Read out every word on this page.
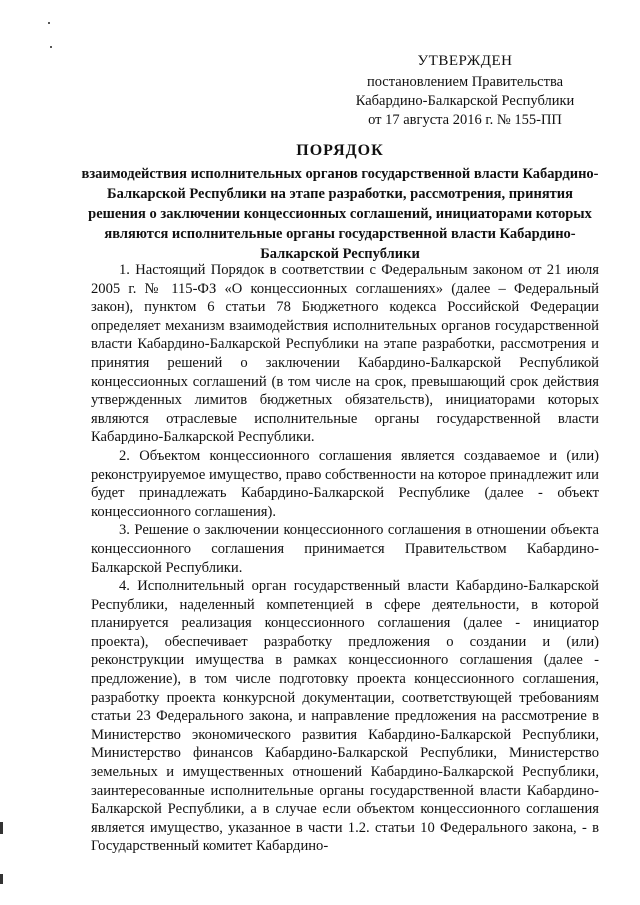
УТВЕРЖДЕН
постановлением Правительства
Кабардино-Балкарской Республики
от 17 августа 2016 г. № 155-ПП
ПОРЯДОК
взаимодействия исполнительных органов государственной власти Кабардино-Балкарской Республики на этапе разработки, рассмотрения, принятия решения о заключении концессионных соглашений, инициаторами которых являются исполнительные органы государственной власти Кабардино-Балкарской Республики

1. Настоящий Порядок в соответствии с Федеральным законом от 21 июля 2005 г. № 115-ФЗ «О концессионных соглашениях» (далее – Федеральный закон), пунктом 6 статьи 78 Бюджетного кодекса Российской Федерации определяет механизм взаимодействия исполнительных органов государственной власти Кабардино-Балкарской Республики на этапе разработки, рассмотрения и принятия решений о заключении Кабардино-Балкарской Республикой концессионных соглашений (в том числе на срок, превышающий срок действия утвержденных лимитов бюджетных обязательств), инициаторами которых являются отраслевые исполнительные органы государственной власти Кабардино-Балкарской Республики.

2. Объектом концессионного соглашения является создаваемое и (или) реконструируемое имущество, право собственности на которое принадлежит или будет принадлежать Кабардино-Балкарской Республике (далее - объект концессионного соглашения).

3. Решение о заключении концессионного соглашения в отношении объекта концессионного соглашения принимается Правительством Кабардино-Балкарской Республики.

4. Исполнительный орган государственный власти Кабардино-Балкарской Республики, наделенный компетенцией в сфере деятельности, в которой планируется реализация концессионного соглашения (далее - инициатор проекта), обеспечивает разработку предложения о создании и (или) реконструкции имущества в рамках концессионного соглашения (далее - предложение), в том числе подготовку проекта концессионного соглашения, разработку проекта конкурсной документации, соответствующей требованиям статьи 23 Федерального закона, и направление предложения на рассмотрение в Министерство экономического развития Кабардино-Балкарской Республики, Министерство финансов Кабардино-Балкарской Республики, Министерство земельных и имущественных отношений Кабардино-Балкарской Республики, заинтересованные исполнительные органы государственной власти Кабардино-Балкарской Республики, а в случае если объектом концессионного соглашения является имущество, указанное в части 1.2. статьи 10 Федерального закона, - в Государственный комитет Кабардино-
